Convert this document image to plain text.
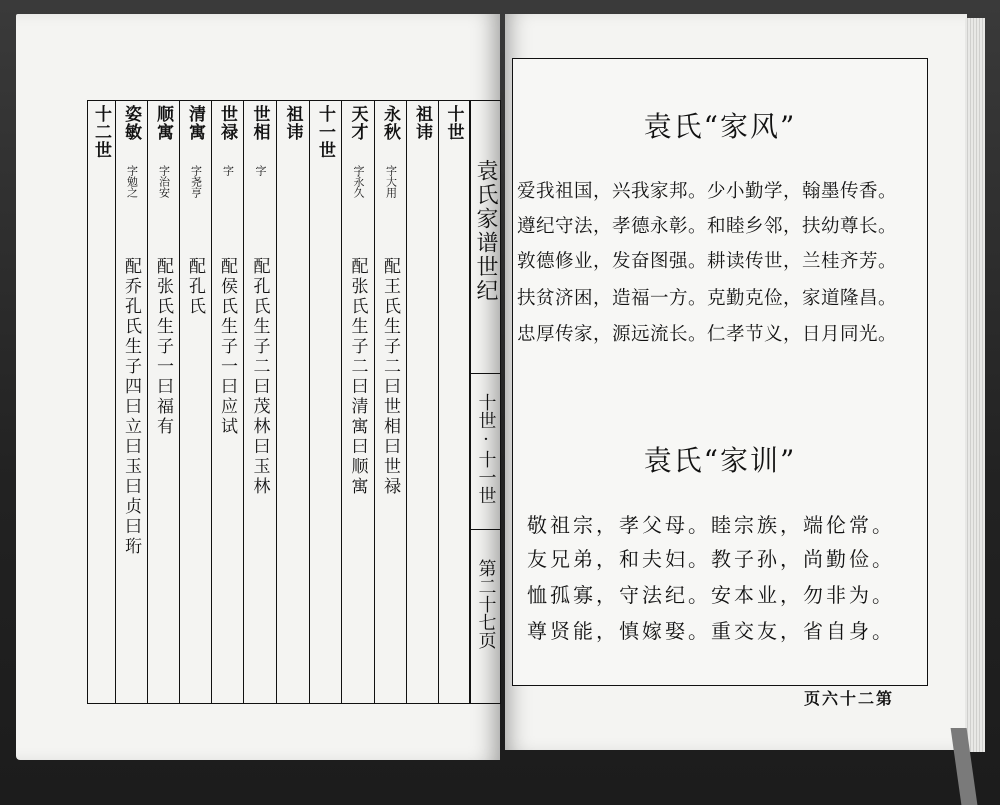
十世
祖讳
永秋
字大用
配王氏生子二曰世相曰世禄
天才
字永久
配张氏生子二曰清寓曰顺寓
十一世
祖讳
世相
字
配孔氏生子二曰茂林曰玉林
世禄
字
配侯氏生子一曰应试
清寓
字尧亨
配孔氏
顺寓
字治安
配张氏生子一曰福有
姿敏
字勉之
配乔孔氏生子四曰立曰玉曰贞曰珩
十二世
袁氏家谱世纪
十世·十一世
第二十七页
袁氏“家风”
爱我祖国，兴我家邦。少小勤学，翰墨传香。
遵纪守法，孝德永彰。和睦乡邻，扶幼尊长。
敦德修业，发奋图强。耕读传世，兰桂齐芳。
扶贫济困，造福一方。克勤克俭，家道隆昌。
忠厚传家，源远流长。仁孝节义，日月同光。
袁氏“家训”
敬祖宗，孝父母。睦宗族，端伦常。
友兄弟，和夫妇。教子孙，尚勤俭。
恤孤寡，守法纪。安本业，勿非为。
尊贤能，慎嫁娶。重交友，省自身。
页六十二第
